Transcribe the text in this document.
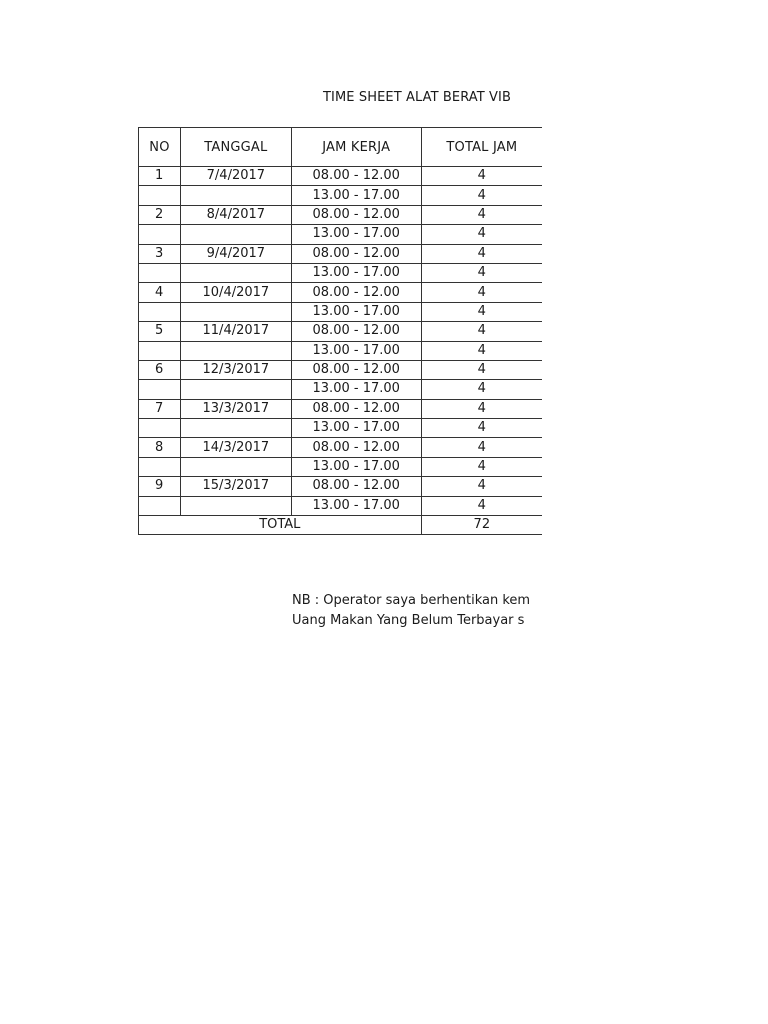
TIME SHEET ALAT BERAT VIB
NO	TANGGAL	JAM KERJA	TOTAL JAM
1	7/4/2017	08.00 - 12.00	4
		13.00 - 17.00	4
2	8/4/2017	08.00 - 12.00	4
		13.00 - 17.00	4
3	9/4/2017	08.00 - 12.00	4
		13.00 - 17.00	4
4	10/4/2017	08.00 - 12.00	4
		13.00 - 17.00	4
5	11/4/2017	08.00 - 12.00	4
		13.00 - 17.00	4
6	12/3/2017	08.00 - 12.00	4
		13.00 - 17.00	4
7	13/3/2017	08.00 - 12.00	4
		13.00 - 17.00	4
8	14/3/2017	08.00 - 12.00	4
		13.00 - 17.00	4
9	15/3/2017	08.00 - 12.00	4
		13.00 - 17.00	4
TOTAL			72
NB : Operator saya berhentikan kem
Uang Makan Yang Belum Terbayar s
